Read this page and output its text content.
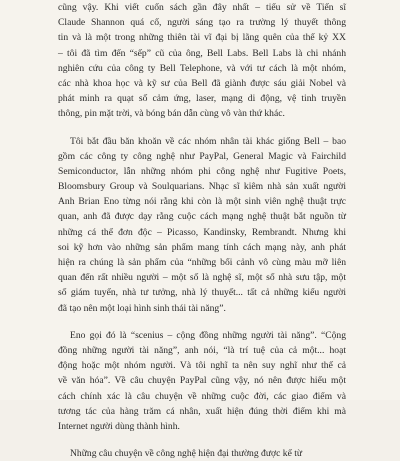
cũng vậy. Khi viết cuốn sách gần đây nhất – tiểu sử về Tiến sĩ
Claude Shannon quá cố, người sáng tạo ra trường lý thuyết thông
tin và là một trong những thiên tài vĩ đại bị lãng quên của thế kỷ XX
– tôi đã tìm đến “sếp” cũ của ông, Bell Labs. Bell Labs là chi nhánh
nghiên cứu của công ty Bell Telephone, và với tư cách là một nhóm,
các nhà khoa học và kỹ sư của Bell đã giành được sáu giải Nobel và
phát minh ra quạt số cảm ứng, laser, mạng di động, vệ tinh truyền
thông, pin mặt trời, và bóng bán dẫn cùng vô vàn thứ khác.
Tôi bắt đầu băn khoăn về các nhóm nhân tài khác giống Bell – bao
gồm các công ty công nghệ như PayPal, General Magic và Fairchild
Semiconductor, lẫn những nhóm phi công nghệ như Fugitive Poets,
Bloomsbury Group và Soulquarians. Nhạc sĩ kiêm nhà sản xuất người
Anh Brian Eno từng nói rằng khi còn là một sinh viên nghệ thuật trực
quan, anh đã được dạy rằng cuộc cách mạng nghệ thuật bắt nguồn từ
những cá thể đơn độc – Picasso, Kandinsky, Rembrandt. Nhưng khi
soi kỹ hơn vào những sản phẩm mang tính cách mạng này, anh phát
hiện ra chúng là sản phẩm của “những bối cảnh vô cùng màu mỡ liên
quan đến rất nhiều người – một số là nghệ sĩ, một số nhà sưu tập, một
số giám tuyển, nhà tư tưởng, nhà lý thuyết... tất cả những kiểu người
đã tạo nên một loại hình sinh thái tài năng”.
Eno gọi đó là “scenius – cộng đồng những người tài năng”. “Cộng
đồng những người tài năng”, anh nói, “là trí tuệ của cả một... hoạt
động hoặc một nhóm người. Và tôi nghĩ ta nên suy nghĩ như thế cả
về văn hóa”. Về câu chuyện PayPal cũng vậy, nó nên được hiểu một
cách chính xác là câu chuyện về những cuộc đời, các giao điểm và
tương tác của hàng trăm cá nhân, xuất hiện đúng thời điểm khi mà
Internet người dùng thành hình.
Những câu chuyện về công nghệ hiện đại thường được kể từ
